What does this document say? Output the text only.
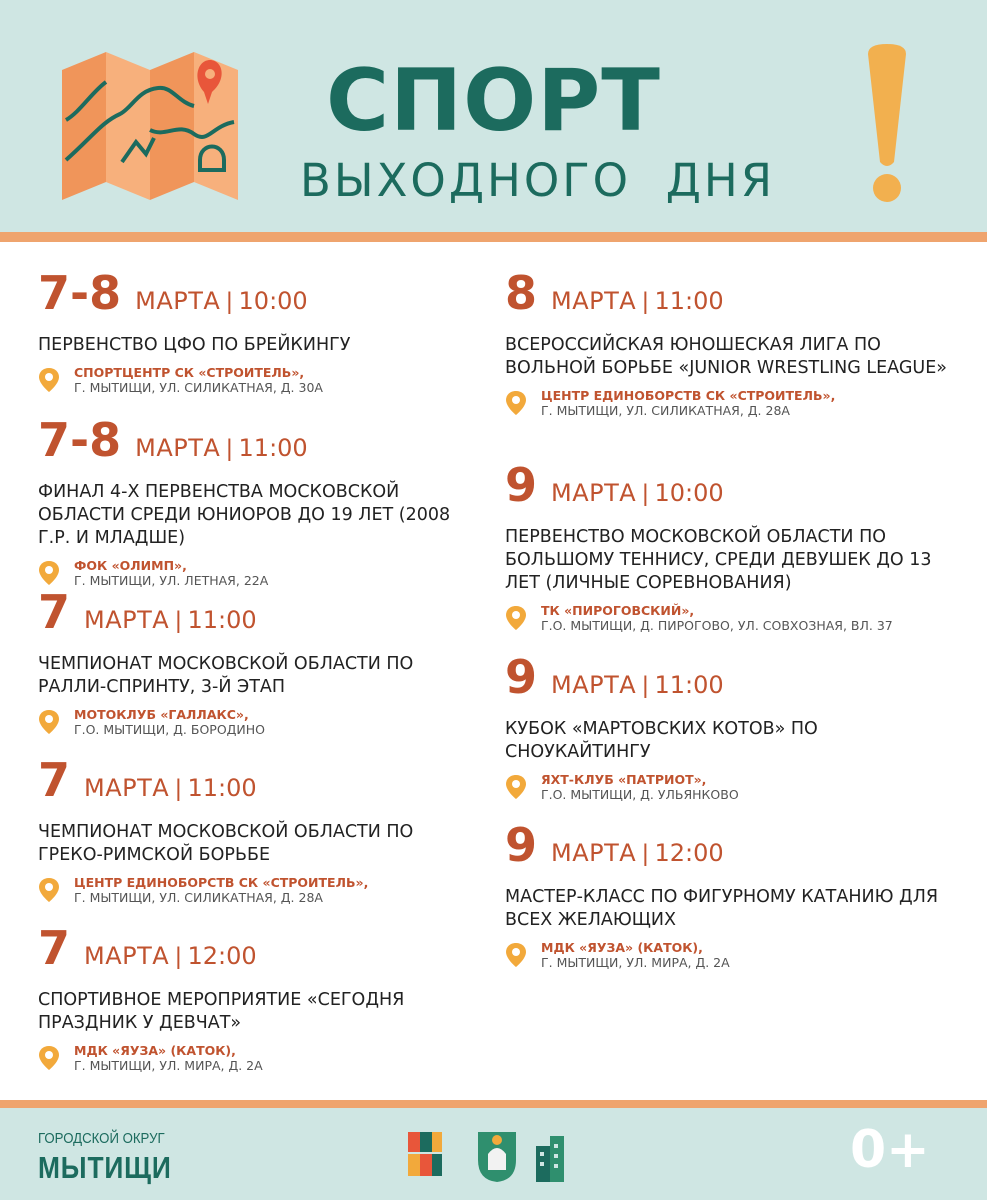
СПОРТ
ВЫХОДНОГО  ДНЯ
7-8 МАРТА | 10:00
ПЕРВЕНСТВО ЦФО ПО БРЕЙКИНГУ
СПОРТЦЕНТР СК «СТРОИТЕЛЬ»,
Г. МЫТИЩИ, УЛ. СИЛИКАТНАЯ, Д. 30А
7-8 МАРТА | 11:00
ФИНАЛ 4-Х ПЕРВЕНСТВА МОСКОВСКОЙ ОБЛАСТИ СРЕДИ ЮНИОРОВ ДО 19 ЛЕТ (2008 Г.Р. И МЛАДШЕ)
ФОК «ОЛИМП»,
Г. МЫТИЩИ, УЛ. ЛЕТНАЯ, 22А
7 МАРТА | 11:00
ЧЕМПИОНАТ МОСКОВСКОЙ ОБЛАСТИ ПО РАЛЛИ-СПРИНТУ, 3-Й ЭТАП
МОТОКЛУБ «ГАЛЛАКС»,
Г.О. МЫТИЩИ, Д. БОРОДИНО
7 МАРТА | 11:00
ЧЕМПИОНАТ МОСКОВСКОЙ ОБЛАСТИ ПО ГРЕКО-РИМСКОЙ БОРЬБЕ
ЦЕНТР ЕДИНОБОРСТВ СК «СТРОИТЕЛЬ»,
Г. МЫТИЩИ, УЛ. СИЛИКАТНАЯ, Д. 28А
7 МАРТА | 12:00
СПОРТИВНОЕ МЕРОПРИЯТИЕ «СЕГОДНЯ ПРАЗДНИК У ДЕВЧАТ»
МДК «ЯУЗА» (КАТОК),
Г. МЫТИЩИ, УЛ. МИРА, Д. 2А
8 МАРТА | 11:00
ВСЕРОССИЙСКАЯ ЮНОШЕСКАЯ ЛИГА ПО ВОЛЬНОЙ БОРЬБЕ «JUNIOR WRESTLING LEAGUE»
ЦЕНТР ЕДИНОБОРСТВ СК «СТРОИТЕЛЬ»,
Г. МЫТИЩИ, УЛ. СИЛИКАТНАЯ, Д. 28А
9 МАРТА | 10:00
ПЕРВЕНСТВО МОСКОВСКОЙ ОБЛАСТИ ПО БОЛЬШОМУ ТЕННИСУ, СРЕДИ ДЕВУШЕК ДО 13 ЛЕТ (ЛИЧНЫЕ СОРЕВНОВАНИЯ)
ТК «ПИРОГОВСКИЙ»,
Г.О. МЫТИЩИ, Д. ПИРОГОВО, УЛ. СОВХОЗНАЯ, ВЛ. 37
9 МАРТА | 11:00
КУБОК «МАРТОВСКИХ КОТОВ» ПО СНОУКАЙТИНГУ
ЯХТ-КЛУБ «ПАТРИОТ»,
Г.О. МЫТИЩИ, Д. УЛЬЯНКОВО
9 МАРТА | 12:00
МАСТЕР-КЛАСС ПО ФИГУРНОМУ КАТАНИЮ ДЛЯ ВСЕХ ЖЕЛАЮЩИХ
МДК «ЯУЗА» (КАТОК),
Г. МЫТИЩИ, УЛ. МИРА, Д. 2А
ГОРОДСКОЙ ОКРУГ
МЫТИЩИ	0+
